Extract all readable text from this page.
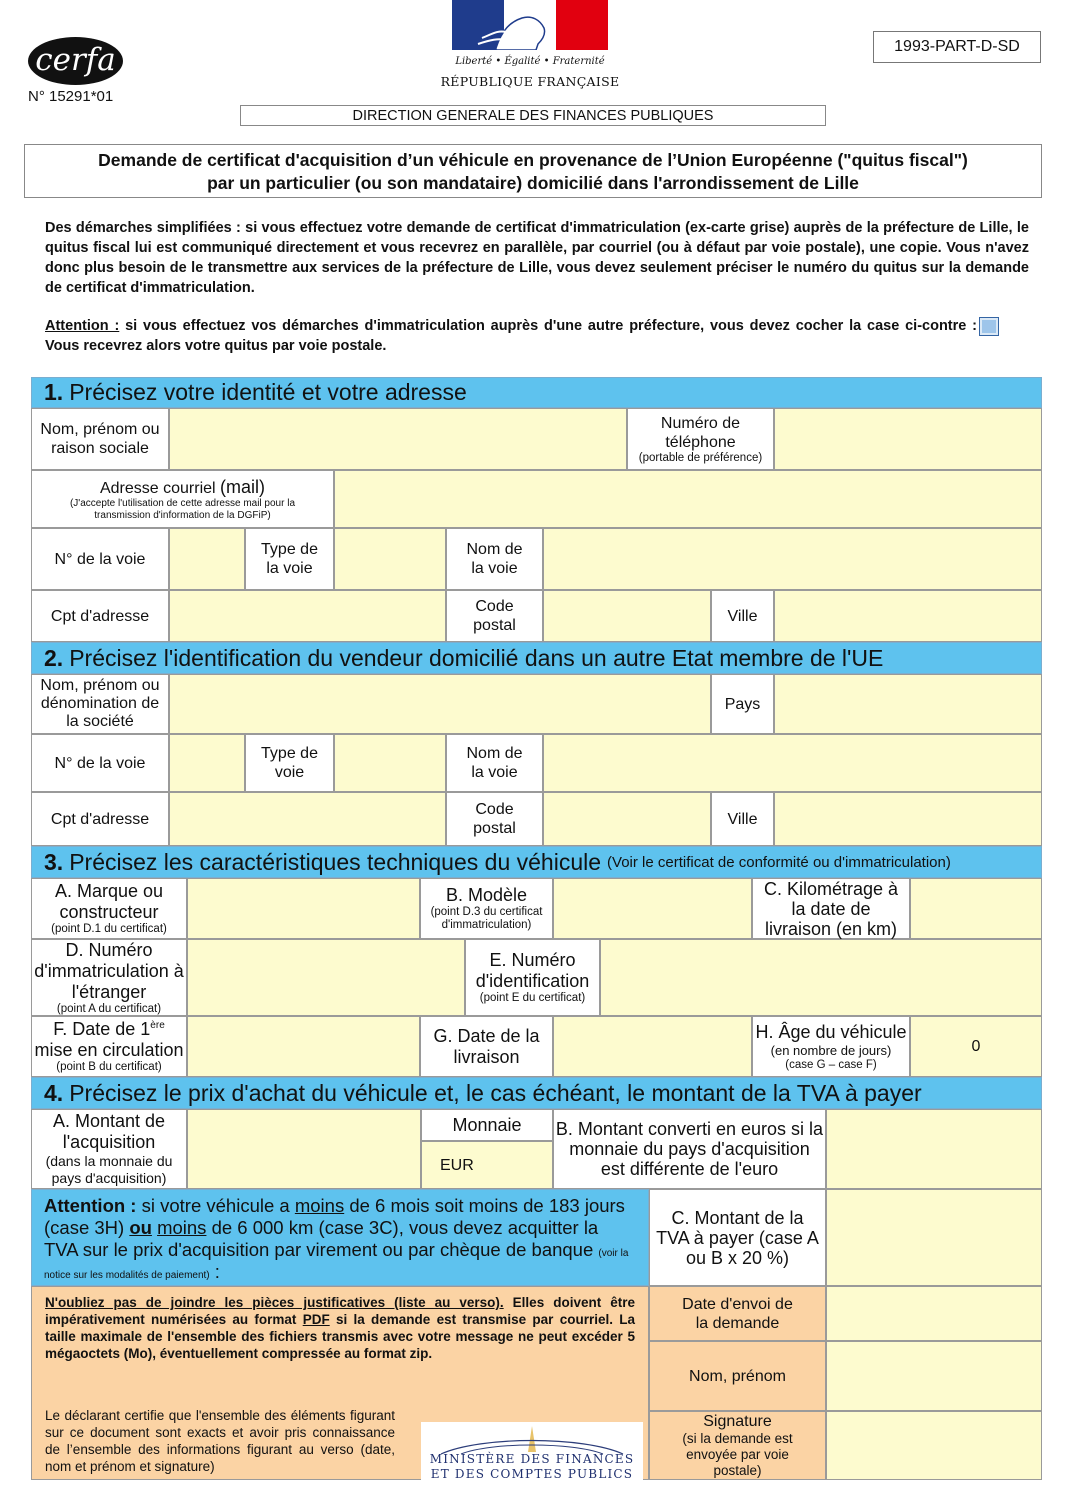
cerfa
N° 15291*01
Liberté • Égalité • Fraternité
RÉPUBLIQUE FRANÇAISE
1993-PART-D-SD
DIRECTION GENERALE DES FINANCES PUBLIQUES
Demande de certificat d'acquisition d’un véhicule en provenance de l’Union Européenne ("quitus fiscal")
par un particulier (ou son mandataire) domicilié dans l'arrondissement de Lille
Des démarches simplifiées : si vous effectuez votre demande de certificat d'immatriculation (ex-carte grise) auprès de la préfecture de Lille, le quitus fiscal lui est communiqué directement et vous recevrez en parallèle, par courriel (ou à défaut par voie postale), une copie. Vous n'avez donc plus besoin de le transmettre aux services de la préfecture de Lille, vous devez seulement préciser le numéro du quitus sur la demande de certificat d'immatriculation.
Attention : si vous effectuez vos démarches d'immatriculation auprès d'une autre préfecture, vous devez cocher la case ci-contre : Vous recevrez alors votre quitus par voie postale.
1. Précisez votre identité et votre adresse
Nom, prénom ou raison sociale
Numéro de téléphone
(portable de préférence)
Adresse courriel (mail)
(J'accepte l'utilisation de cette adresse mail pour la transmission d'information de la DGFiP)
N° de la voie
Type de la voie
Nom de la voie
Cpt d'adresse
Code postal
Ville
2. Précisez l'identification du vendeur domicilié dans un autre Etat membre de l'UE
Nom, prénom ou dénomination de la société
Pays
N° de la voie
Type de voie
Nom de la voie
Cpt d'adresse
Code postal
Ville
3. Précisez les caractéristiques techniques du véhicule (Voir le certificat de conformité ou d'immatriculation)
A. Marque ou constructeur
(point D.1 du certificat)
B. Modèle
(point D.3 du certificat d'immatriculation)
C. Kilométrage à la date de livraison (en km)
D. Numéro d'immatriculation à l'étranger
(point A du certificat)
E. Numéro d'identification
(point E du certificat)
F. Date de 1ère
mise en circulation
(point B du certificat)
G. Date de la livraison
H. Âge du véhicule
(en nombre de jours)
(case G – case F)
0
4. Précisez le prix d'achat du véhicule et, le cas échéant, le montant de la TVA à payer
A. Montant de l'acquisition
(dans la monnaie du pays d'acquisition)
Monnaie
EUR
B. Montant converti en euros si la monnaie du pays d'acquisition est différente de l'euro
Attention : si votre véhicule a moins de 6 mois soit moins de 183 jours (case 3H) ou moins de 6 000 km (case 3C), vous devez acquitter la TVA sur le prix d'acquisition par virement ou par chèque de banque (voir la notice sur les modalités de paiement) :
C. Montant de la TVA à payer (case A ou B x 20 %)
N'oubliez pas de joindre les pièces justificatives (liste au verso). Elles doivent être impérativement numérisées au format PDF si la demande est transmise par courriel. La taille maximale de l'ensemble des fichiers transmis avec votre message ne peut excéder 5 mégaoctets (Mo), éventuellement compressée au format zip.
Le déclarant certifie que l'ensemble des éléments figurant sur ce document sont exacts et avoir pris connaissance de l’ensemble des informations figurant au verso (date, nom et prénom et signature)	MINISTÈRE DES FINANCES
ET DES COMPTES PUBLICS
Date d'envoi de la demande
Nom, prénom
Signature
(si la demande est envoyée par voie postale)
